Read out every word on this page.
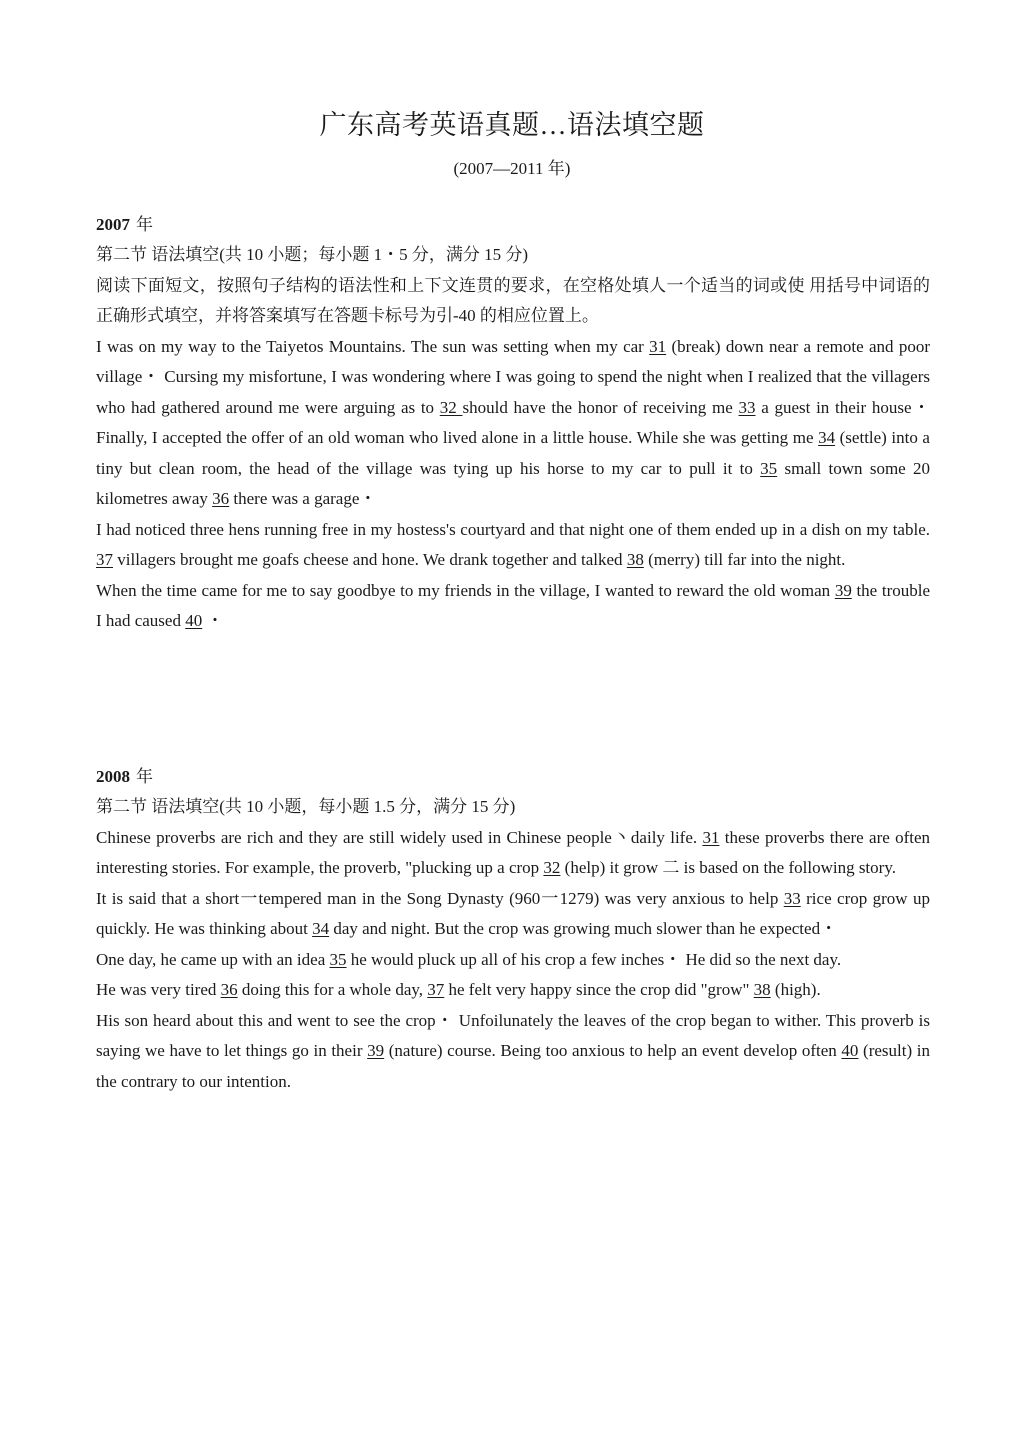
广东高考英语真题…语法填空题
(2007—2011 年)
2007 年

第二节 语法填空(共 10 小题；每小题 1・5 分，满分 15 分)

阅读下面短文，按照句子结构的语法性和上下文连贯的要求，在空格处填人一个适当的词或使 用括号中词语的正确形式填空，并将答案填写在答题卡标号为引-40 的相应位置上。

I was on my way to the Taiyetos Mountains. The sun was setting when my car 31 (break) down near a remote and poor village・ Cursing my misfortune, I was wondering where I was going to spend the night when I realized that the villagers who had gathered around me were arguing as to 32 should have the honor of receiving me 33 a guest in their house・ Finally, I accepted the offer of an old woman who lived alone in a little house. While she was getting me 34 (settle) into a tiny but clean room, the head of the village was tying up his horse to my car to pull it to 35 small town some 20 kilometres away 36 there was a garage・

I had noticed three hens running free in my hostess's courtyard and that night one of them ended up in a dish on my table. 37 villagers brought me goafs cheese and hone. We drank together and talked 38 (merry) till far into the night.

When the time came for me to say goodbye to my friends in the village, I wanted to reward the old woman 39 the trouble I had caused 40 ・

2008 年

第二节 语法填空(共 10 小题，每小题 1.5 分，满分 15 分)

Chinese proverbs are rich and they are still widely used in Chinese people丶daily life. 31 these proverbs there are often interesting stories. For example, the proverb, "plucking up a crop 32 (help) it grow 二 is based on the following story.

It is said that a short一tempered man in the Song Dynasty (960一1279) was very anxious to help 33 rice crop grow up quickly. He was thinking about 34 day and night. But the crop was growing much slower than he expected・

One day, he came up with an idea 35 he would pluck up all of his crop a few inches・ He did so the next day.

He was very tired 36 doing this for a whole day, 37 he felt very happy since the crop did "grow" 38 (high).

His son heard about this and went to see the crop・ Unfoilunately the leaves of the crop began to wither. This proverb is saying we have to let things go in their 39 (nature) course. Being too anxious to help an event develop often 40 (result) in the contrary to our intention.
